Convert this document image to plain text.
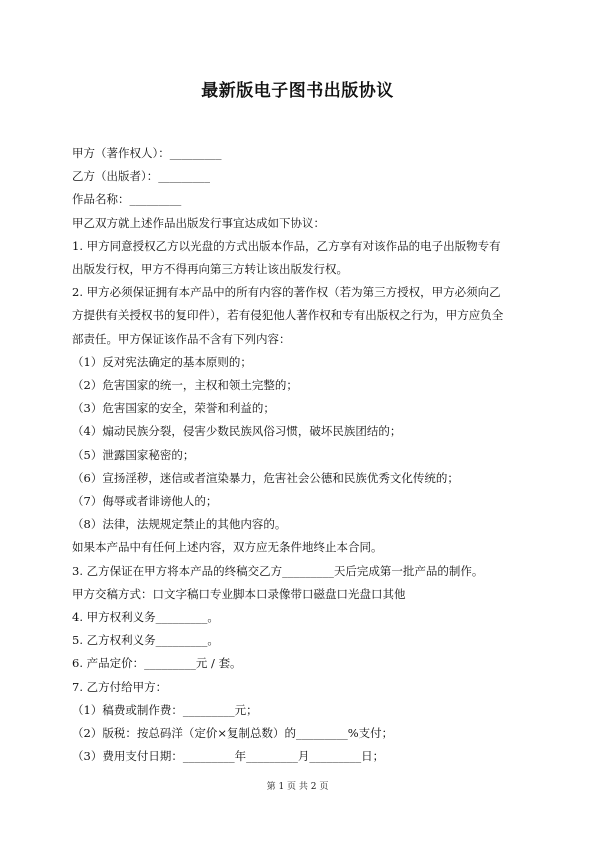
最新版电子图书出版协议

甲方（著作权人）：_________

乙方（出版者）：_________

作品名称：_________

甲乙双方就上述作品出版发行事宜达成如下协议：

1. 甲方同意授权乙方以光盘的方式出版本作品，乙方享有对该作品的电子出版物专有

出版发行权，甲方不得再向第三方转让该出版发行权。

2. 甲方必须保证拥有本产品中的所有内容的著作权（若为第三方授权，甲方必须向乙

方提供有关授权书的复印件），若有侵犯他人著作权和专有出版权之行为，甲方应负全

部责任。甲方保证该作品不含有下列内容：

（1）反对宪法确定的基本原则的；

（2）危害国家的统一，主权和领土完整的；

（3）危害国家的安全，荣誉和利益的；

（4）煽动民族分裂，侵害少数民族风俗习惯，破坏民族团结的；

（5）泄露国家秘密的；

（6）宣扬淫秽，迷信或者渲染暴力，危害社会公德和民族优秀文化传统的；

（7）侮辱或者诽谤他人的；

（8）法律，法规规定禁止的其他内容的。

如果本产品中有任何上述内容，双方应无条件地终止本合同。

3. 乙方保证在甲方将本产品的终稿交乙方_________天后完成第一批产品的制作。

甲方交稿方式：口文字稿口专业脚本口录像带口磁盘口光盘口其他

4. 甲方权利义务_________。

5. 乙方权利义务_________。

6. 产品定价：_________元 / 套。

7. 乙方付给甲方：

（1）稿费或制作费：_________元；

（2）版税：按总码洋（定价×复制总数）的_________%支付；

（3）费用支付日期：_________年_________月_________日；

第 1 页 共 2 页
